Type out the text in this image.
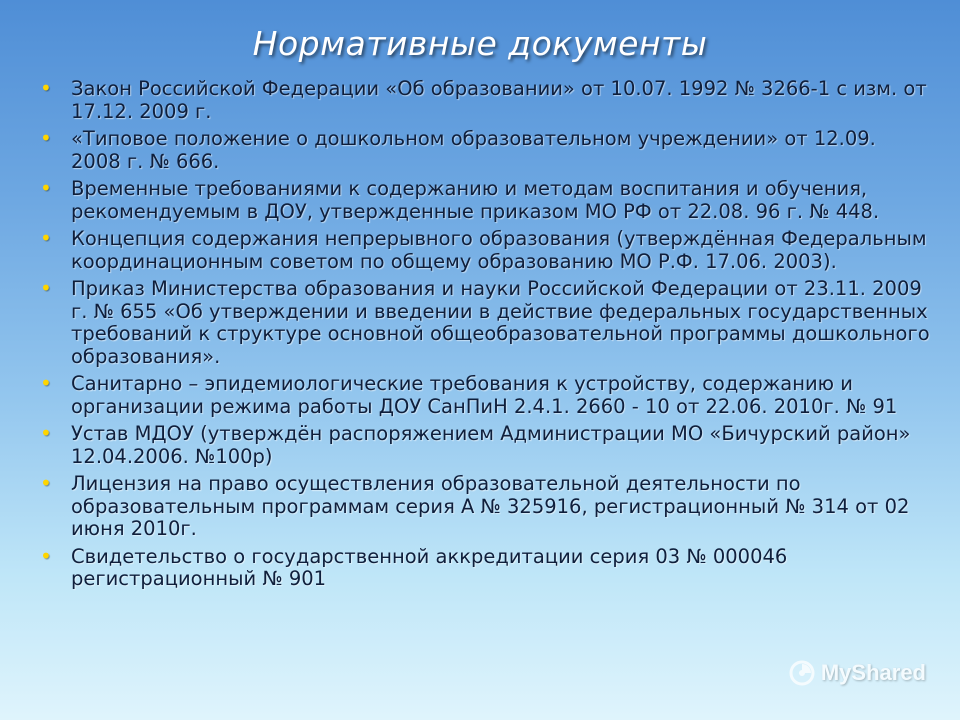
Нормативные документы
• Закон Российской Федерации «Об образовании» от 10.07. 1992 № 3266-1 с изм. от 17.12. 2009 г.
• «Типовое положение о дошкольном образовательном учреждении» от 12.09. 2008 г. № 666.
• Временные требованиями к содержанию и методам воспитания и обучения, рекомендуемым в ДОУ, утвержденные приказом МО РФ от 22.08. 96 г. № 448.
• Концепция содержания непрерывного образования (утверждённая Федеральным координационным советом по общему образованию МО Р.Ф. 17.06. 2003).
• Приказ Министерства образования и науки Российской Федерации от 23.11. 2009 г. № 655 «Об утверждении и введении в действие федеральных государственных требований к структуре основной общеобразовательной программы дошкольного образования».
• Санитарно – эпидемиологические требования к устройству, содержанию и организации режима работы ДОУ СанПиН 2.4.1. 2660 - 10 от 22.06. 2010г. № 91
• Устав МДОУ (утверждён распоряжением Администрации МО «Бичурский район» 12.04.2006. №100р)
• Лицензия на право осуществления образовательной деятельности по образовательным программам серия А № 325916, регистрационный № 314 от 02 июня 2010г.
• Свидетельство о государственной аккредитации серия 03 № 000046 регистрационный № 901
MyShared
